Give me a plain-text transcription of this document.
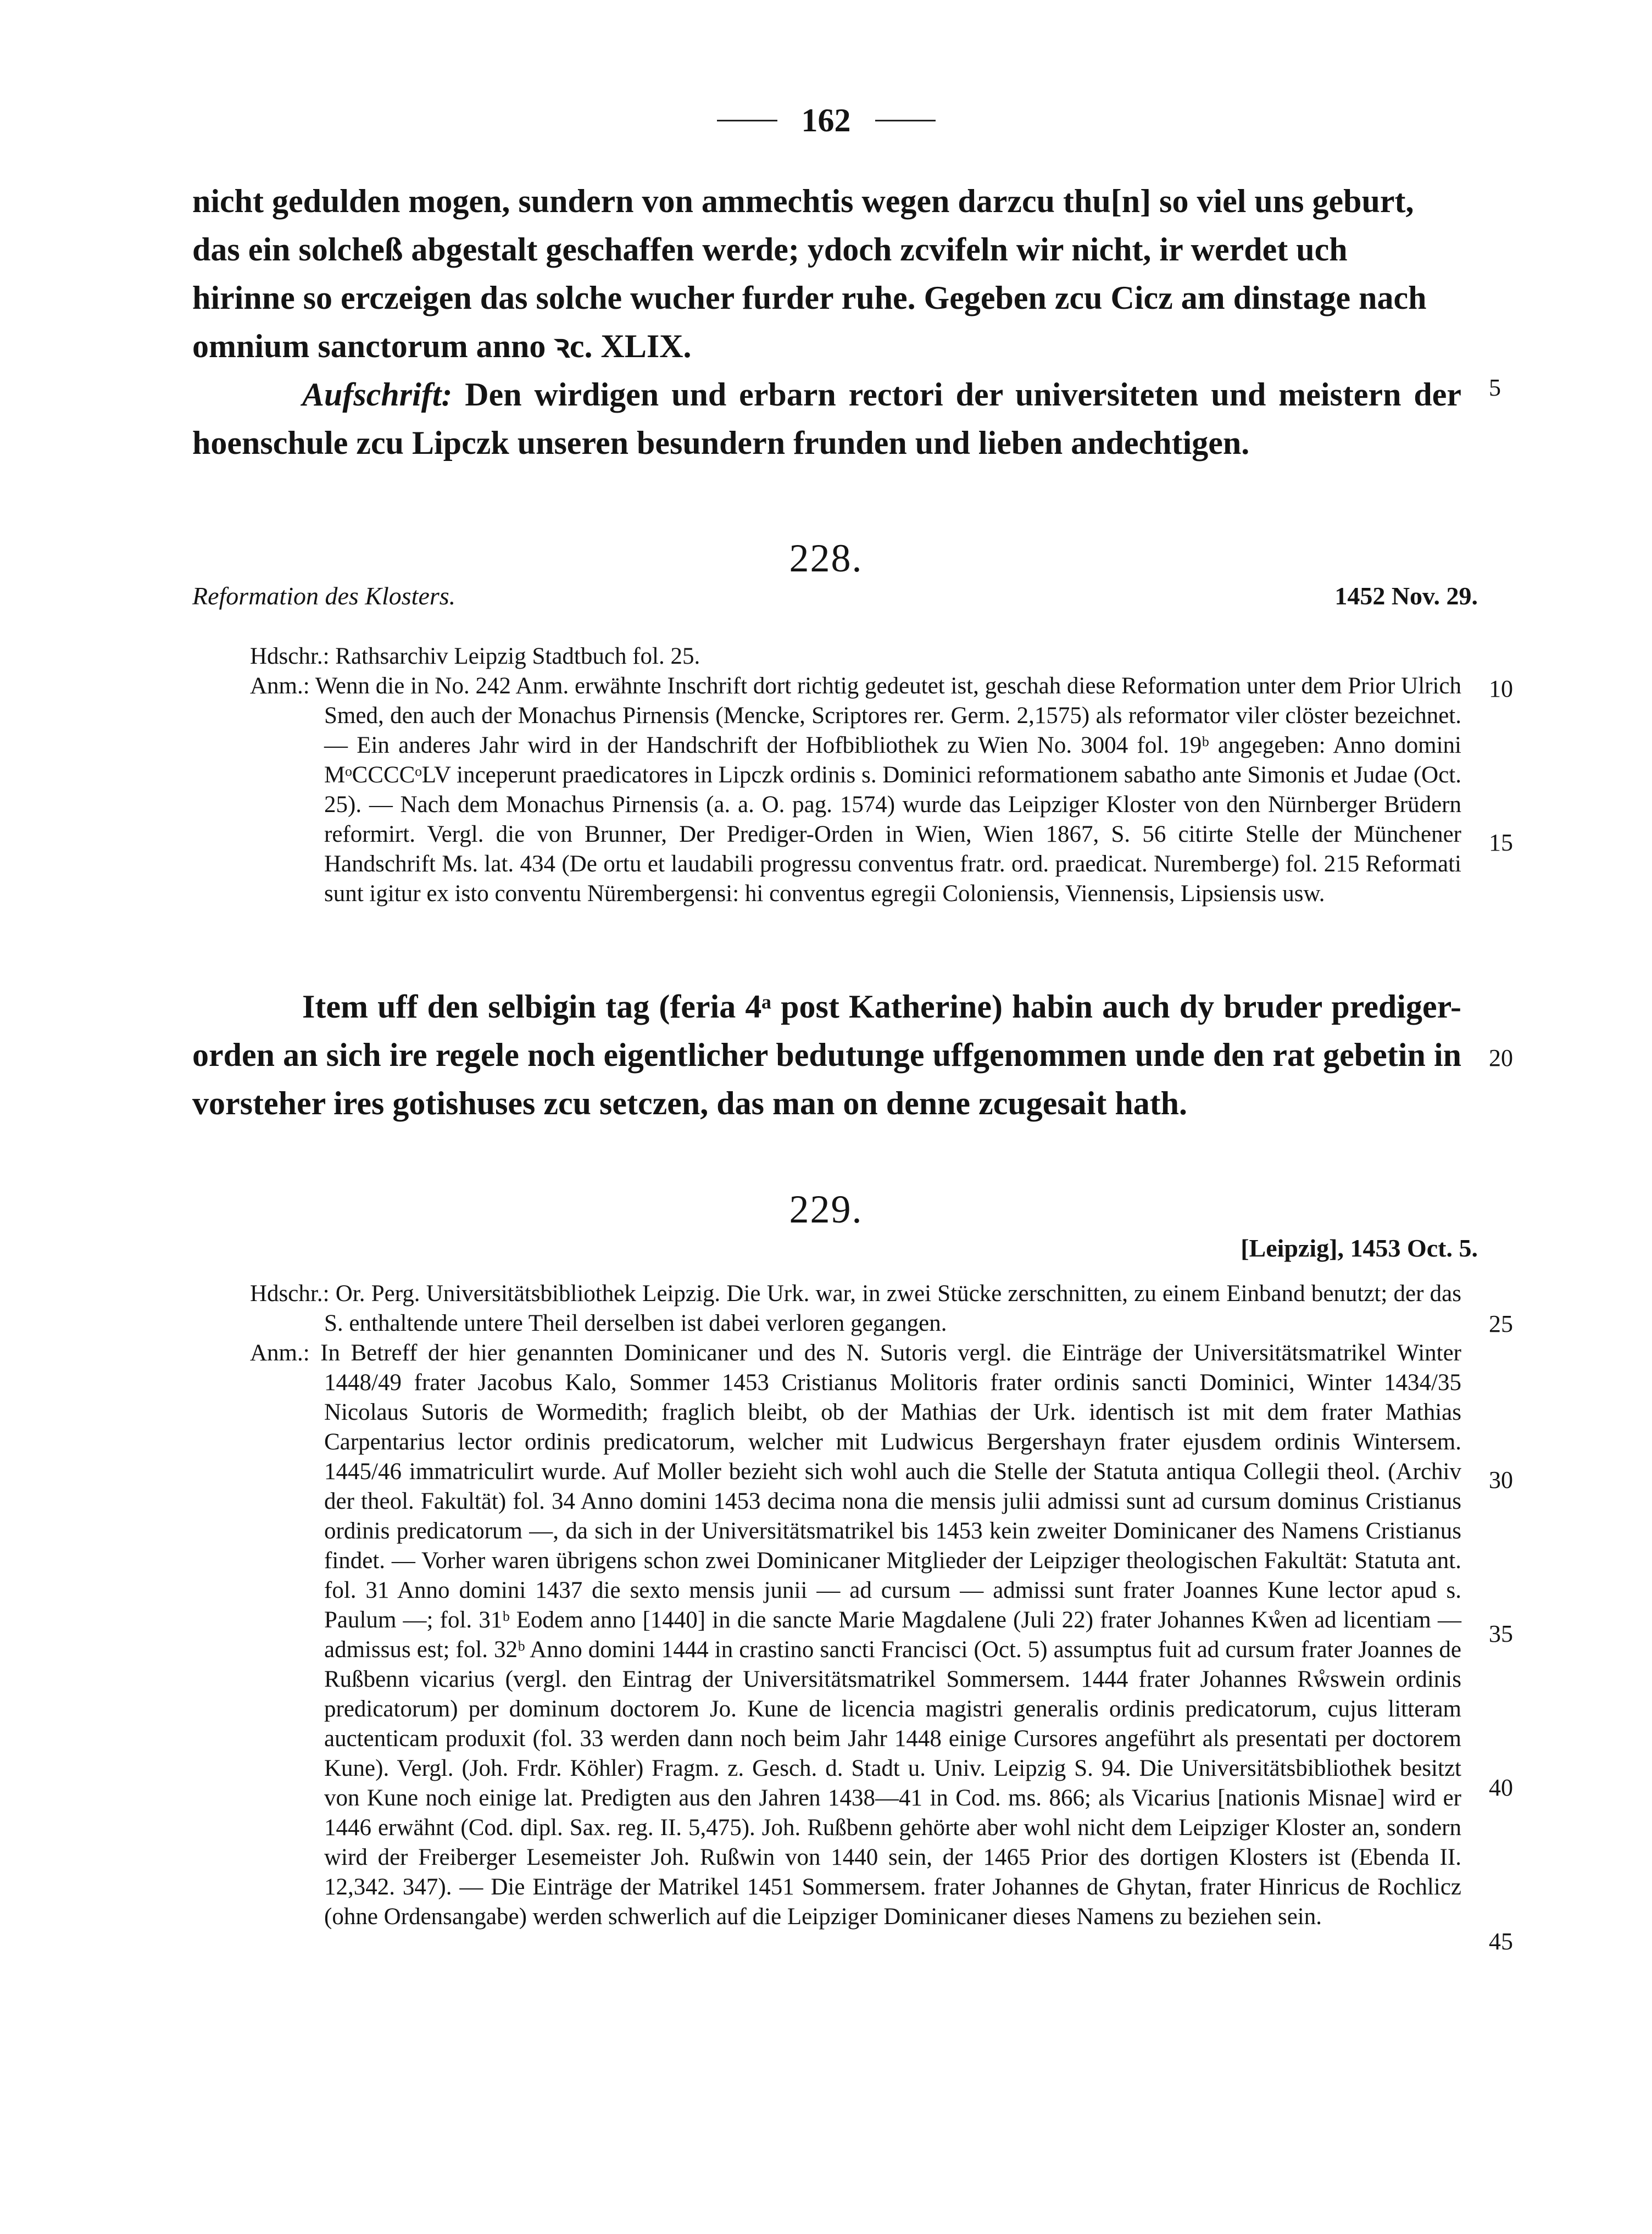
162

nicht gedulden mogen, sundern von ammechtis wegen darzcu thu[n] so viel uns geburt,

das ein solcheß abgestalt geschaffen werde; ydoch zcvifeln wir nicht, ir werdet uch

hirinne so erczeigen das solche wucher furder ruhe. Gegeben zcu Cicz am dinstage nach

omnium sanctorum anno ꝛc. XLIX.

Aufschrift: Den wirdigen und erbarn rectori der universiteten und meistern der hoenschule zcu Lipczk unseren besundern frunden und lieben andechtigen.

228.
Reformation des Klosters.	1452 Nov. 29.

Hdschr.: Rathsarchiv Leipzig Stadtbuch fol. 25.

Anm.: Wenn die in No. 242 Anm. erwähnte Inschrift dort richtig gedeutet ist, geschah diese Reformation unter dem Prior Ulrich Smed, den auch der Monachus Pirnensis (Mencke, Scriptores rer. Germ. 2,1575) als reformator viler clöster bezeichnet. — Ein anderes Jahr wird in der Handschrift der Hofbibliothek zu Wien No. 3004 fol. 19ᵇ angegeben: Anno domini MᵒCCCCᵒLV inceperunt praedicatores in Lipczk ordinis s. Dominici reformationem sabatho ante Simonis et Judae (Oct. 25). — Nach dem Monachus Pirnensis (a. a. O. pag. 1574) wurde das Leipziger Kloster von den Nürnberger Brüdern reformirt. Vergl. die von Brunner, Der Prediger-Orden in Wien, Wien 1867, S. 56 citirte Stelle der Münchener Handschrift Ms. lat. 434 (De ortu et laudabili progressu conventus fratr. ord. praedicat. Nuremberge) fol. 215 Reformati sunt igitur ex isto conventu Nürembergensi: hi conventus egregii Coloniensis, Viennensis, Lipsiensis usw.

Item uff den selbigin tag (feria 4ᵃ post Katherine) habin auch dy bruder prediger-orden an sich ire regele noch eigentlicher bedutunge uffgenommen unde den rat gebetin in vorsteher ires gotishuses zcu setczen, das man on denne zcugesait hath.

229.
[Leipzig], 1453 Oct. 5.

Hdschr.: Or. Perg. Universitätsbibliothek Leipzig. Die Urk. war, in zwei Stücke zerschnitten, zu einem Einband benutzt; der das S. enthaltende untere Theil derselben ist dabei verloren gegangen.

Anm.: In Betreff der hier genannten Dominicaner und des N. Sutoris vergl. die Einträge der Universitätsmatrikel Winter 1448/49 frater Jacobus Kalo, Sommer 1453 Cristianus Molitoris frater ordinis sancti Dominici, Winter 1434/35 Nicolaus Sutoris de Wormedith; fraglich bleibt, ob der Mathias der Urk. identisch ist mit dem frater Mathias Carpentarius lector ordinis predicatorum, welcher mit Ludwicus Bergershayn frater ejusdem ordinis Wintersem. 1445/46 immatriculirt wurde. Auf Moller bezieht sich wohl auch die Stelle der Statuta antiqua Collegii theol. (Archiv der theol. Fakultät) fol. 34 Anno domini 1453 decima nona die mensis julii admissi sunt ad cursum dominus Cristianus ordinis predicatorum —, da sich in der Universitätsmatrikel bis 1453 kein zweiter Dominicaner des Namens Cristianus findet. — Vorher waren übrigens schon zwei Dominicaner Mitglieder der Leipziger theologischen Fakultät: Statuta ant. fol. 31 Anno domini 1437 die sexto mensis junii — ad cursum — admissi sunt frater Joannes Kune lector apud s. Paulum —; fol. 31ᵇ Eodem anno [1440] in die sancte Marie Magdalene (Juli 22) frater Johannes Kẘen ad licentiam — admissus est; fol. 32ᵇ Anno domini 1444 in crastino sancti Francisci (Oct. 5) assumptus fuit ad cursum frater Joannes de Rußbenn vicarius (vergl. den Eintrag der Universitätsmatrikel Sommersem. 1444 frater Johannes Rẘswein ordinis predicatorum) per dominum doctorem Jo. Kune de licencia magistri generalis ordinis predicatorum, cujus litteram auctenticam produxit (fol. 33 werden dann noch beim Jahr 1448 einige Cursores angeführt als presentati per doctorem Kune). Vergl. (Joh. Frdr. Köhler) Fragm. z. Gesch. d. Stadt u. Univ. Leipzig S. 94. Die Universitätsbibliothek besitzt von Kune noch einige lat. Predigten aus den Jahren 1438—41 in Cod. ms. 866; als Vicarius [nationis Misnae] wird er 1446 erwähnt (Cod. dipl. Sax. reg. II. 5,475). Joh. Rußbenn gehörte aber wohl nicht dem Leipziger Kloster an, sondern wird der Freiberger Lesemeister Joh. Rußwin von 1440 sein, der 1465 Prior des dortigen Klosters ist (Ebenda II. 12,342. 347). — Die Einträge der Matrikel 1451 Sommersem. frater Johannes de Ghytan, frater Hinricus de Rochlicz (ohne Ordensangabe) werden schwerlich auf die Leipziger Dominicaner dieses Namens zu beziehen sein.

5
10
15
20
25
30
35
40
45
